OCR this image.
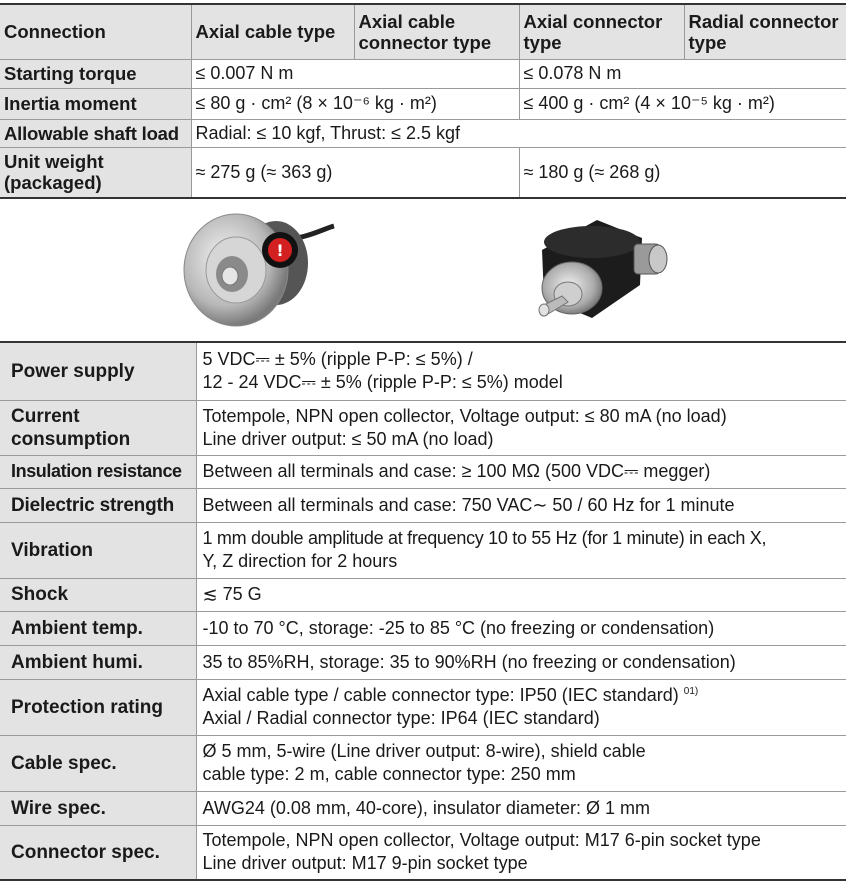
Connection	Axial cable type	Axial cable connector type	Axial connector type	Radial connector type
Starting torque	≤ 0.007 N m		≤ 0.078 N m	
Inertia moment	≤ 80 g · cm² (8 × 10⁻⁶ kg · m²)		≤ 400 g · cm² (4 × 10⁻⁵ kg · m²)	
Allowable shaft load	Radial: ≤ 10 kgf, Thrust: ≤ 2.5 kgf			
Unit weight (packaged)	≈ 275 g (≈ 363 g)		≈ 180 g (≈ 268 g)	
!
Power supply	5 VDC⎓ ± 5% (ripple P-P: ≤ 5%) /
12 - 24 VDC⎓ ± 5% (ripple P-P: ≤ 5%) model

Current consumption	Totempole, NPN open collector, Voltage output: ≤ 80 mA (no load)
Line driver output: ≤ 50 mA (no load)

Insulation resistance	Between all terminals and case: ≥ 100 MΩ (500 VDC⎓ megger)

Dielectric strength	Between all terminals and case: 750 VAC∼ 50 / 60 Hz for 1 minute

Vibration	1 mm double amplitude at frequency 10 to 55 Hz (for 1 minute) in each X,
Y, Z direction for 2 hours

Shock	≲ 75 G

Ambient temp.	-10 to 70 °C, storage: -25 to 85 °C (no freezing or condensation)

Ambient humi.	35 to 85%RH, storage: 35 to 90%RH (no freezing or condensation)

Protection rating	Axial cable type / cable connector type: IP50 (IEC standard) $^{01)}$
Axial / Radial connector type: IP64 (IEC standard)

Cable spec.	Ø 5 mm, 5-wire (Line driver output: 8-wire), shield cable
cable type: 2 m, cable connector type: 250 mm

Wire spec.	AWG24 (0.08 mm, 40-core), insulator diameter: Ø 1 mm

Connector spec.	Totempole, NPN open collector, Voltage output: M17 6-pin socket type
Line driver output: M17 9-pin socket type
